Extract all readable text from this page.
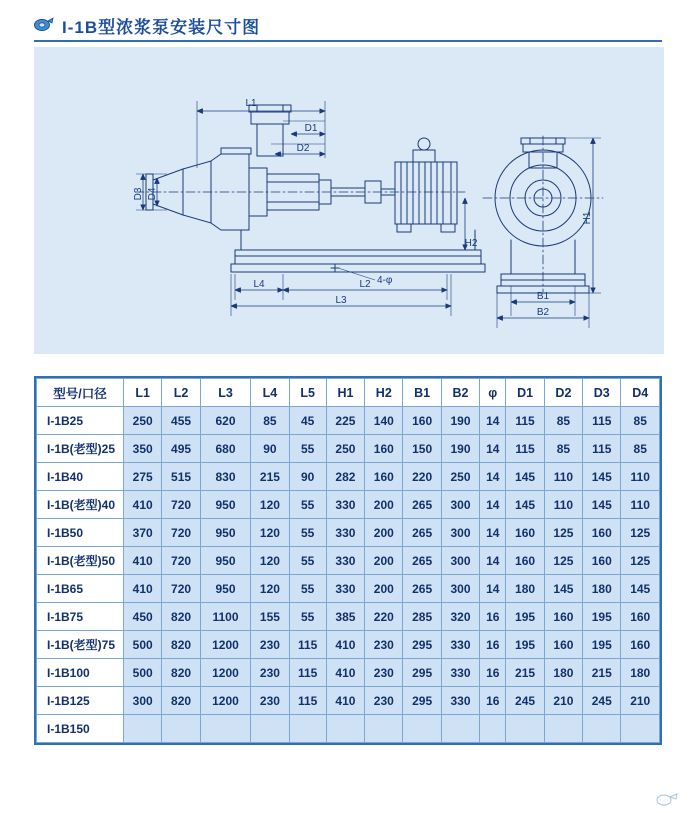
I-1B型浓浆泵安装尺寸图
L1
D1
D2
D3 D4
L4	L2
L3
4-φ
H2
H1
B1
B2
型号/口径	L1	L2	L3	L4	L5	H1	H2	B1	B2	φ	D1	D2	D3	D4
I-1B25	250	455	620	85	45	225	140	160	190	14	115	85	115	85
I-1B(老型)25	350	495	680	90	55	250	160	150	190	14	115	85	115	85
I-1B40	275	515	830	215	90	282	160	220	250	14	145	110	145	110
I-1B(老型)40	410	720	950	120	55	330	200	265	300	14	145	110	145	110
I-1B50	370	720	950	120	55	330	200	265	300	14	160	125	160	125
I-1B(老型)50	410	720	950	120	55	330	200	265	300	14	160	125	160	125
I-1B65	410	720	950	120	55	330	200	265	300	14	180	145	180	145
I-1B75	450	820	1100	155	55	385	220	285	320	16	195	160	195	160
I-1B(老型)75	500	820	1200	230	115	410	230	295	330	16	195	160	195	160
I-1B100	500	820	1200	230	115	410	230	295	330	16	215	180	215	180
I-1B125	300	820	1200	230	115	410	230	295	330	16	245	210	245	210
I-1B150														
